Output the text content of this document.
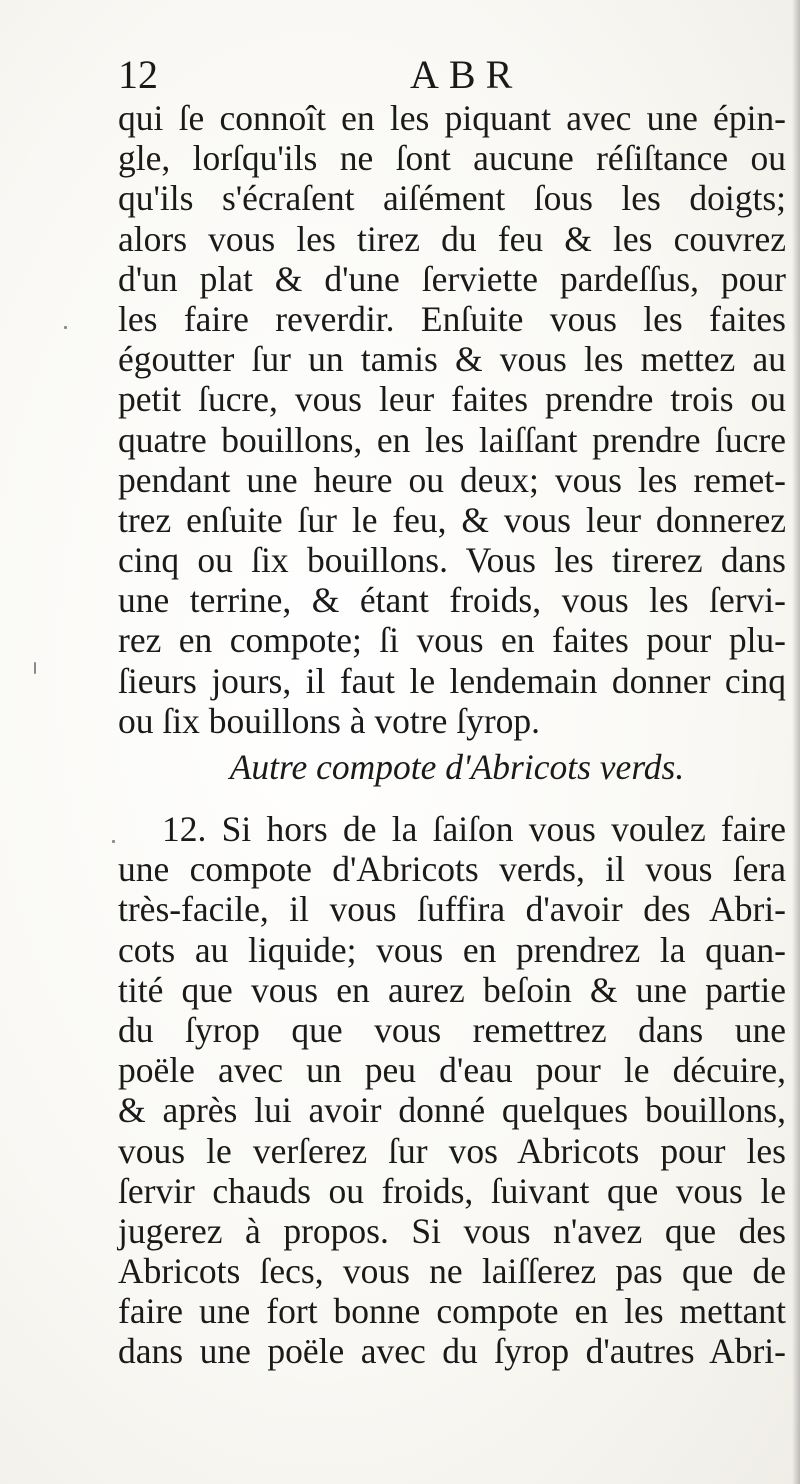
12	ABR
qui ſe connoît en les piquant avec une épin-
gle, lorſqu'ils ne ſont aucune réſiſtance ou
qu'ils s'écraſent aiſément ſous les doigts;
alors vous les tirez du feu & les couvrez
d'un plat & d'une ſerviette pardeſſus, pour
les faire reverdir. Enſuite vous les faites
égoutter ſur un tamis & vous les mettez au
petit ſucre, vous leur faites prendre trois ou
quatre bouillons, en les laiſſant prendre ſucre
pendant une heure ou deux; vous les remet-
trez enſuite ſur le feu, & vous leur donnerez
cinq ou ſix bouillons. Vous les tirerez dans
une terrine, & étant froids, vous les ſervi-
rez en compote; ſi vous en faites pour plu-
ſieurs jours, il faut le lendemain donner cinq
ou ſix bouillons à votre ſyrop.
Autre compote d'Abricots verds.
12. Si hors de la ſaiſon vous voulez faire
une compote d'Abricots verds, il vous ſera
très-facile, il vous ſuffira d'avoir des Abri-
cots au liquide; vous en prendrez la quan-
tité que vous en aurez beſoin & une partie
du ſyrop que vous remettrez dans une
poële avec un peu d'eau pour le décuire,
& après lui avoir donné quelques bouillons,
vous le verſerez ſur vos Abricots pour les
ſervir chauds ou froids, ſuivant que vous le
jugerez à propos. Si vous n'avez que des
Abricots ſecs, vous ne laiſſerez pas que de
faire une fort bonne compote en les mettant
dans une poële avec du ſyrop d'autres Abri-
